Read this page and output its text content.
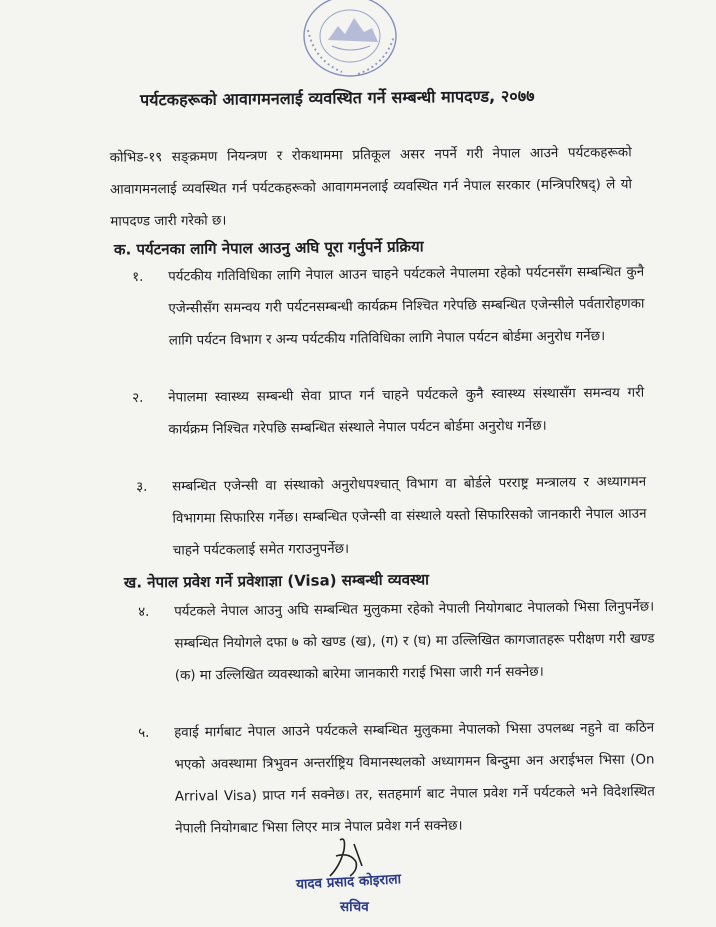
पर्यटकहरूको आवागमनलाई व्यवस्थित गर्ने सम्बन्धी मापदण्ड, २०७७
कोभिड-१९ सङ्क्रमण नियन्त्रण र रोकथाममा प्रतिकूल असर नपर्ने गरी नेपाल आउने पर्यटकहरूको आवागमनलाई व्यवस्थित गर्न पर्यटकहरूको आवागमनलाई व्यवस्थित गर्न नेपाल सरकार (मन्त्रिपरिषद्) ले यो मापदण्ड जारी गरेको छ।
क. पर्यटनका लागि नेपाल आउनु अघि पूरा गर्नुपर्ने प्रक्रिया
१.	पर्यटकीय गतिविधिका लागि नेपाल आउन चाहने पर्यटकले नेपालमा रहेको पर्यटनसँग सम्बन्धित कुनै एजेन्सीसँग समन्वय गरी पर्यटनसम्बन्धी कार्यक्रम निश्चित गरेपछि सम्बन्धित एजेन्सीले पर्वतारोहणका लागि पर्यटन विभाग र अन्य पर्यटकीय गतिविधिका लागि नेपाल पर्यटन बोर्डमा अनुरोध गर्नेछ।
२.	नेपालमा स्वास्थ्य सम्बन्धी सेवा प्राप्त गर्न चाहने पर्यटकले कुनै स्वास्थ्य संस्थासँग समन्वय गरी कार्यक्रम निश्चित गरेपछि सम्बन्धित संस्थाले नेपाल पर्यटन बोर्डमा अनुरोध गर्नेछ।
३.	सम्बन्धित एजेन्सी वा संस्थाको अनुरोधपश्चात् विभाग वा बोर्डले परराष्ट्र मन्त्रालय र अध्यागमन विभागमा सिफारिस गर्नेछ। सम्बन्धित एजेन्सी वा संस्थाले यस्तो सिफारिसको जानकारी नेपाल आउन चाहने पर्यटकलाई समेत गराउनुपर्नेछ।
ख. नेपाल प्रवेश गर्ने प्रवेशाज्ञा (Visa) सम्बन्धी व्यवस्था
४.	पर्यटकले नेपाल आउनु अघि सम्बन्धित मुलुकमा रहेको नेपाली नियोगबाट नेपालको भिसा लिनुपर्नेछ। सम्बन्धित नियोगले दफा ७ को खण्ड (ख), (ग) र (घ) मा उल्लिखित कागजातहरू परीक्षण गरी खण्ड (क) मा उल्लिखित व्यवस्थाको बारेमा जानकारी गराई भिसा जारी गर्न सक्नेछ।
५.	हवाई मार्गबाट नेपाल आउने पर्यटकले सम्बन्धित मुलुकमा नेपालको भिसा उपलब्ध नहुने वा कठिन भएको अवस्थामा त्रिभुवन अन्तर्राष्ट्रिय विमानस्थलको अध्यागमन बिन्दुमा अन अराईभल भिसा (On Arrival Visa) प्राप्त गर्न सक्नेछ। तर, सतहमार्ग बाट नेपाल प्रवेश गर्ने पर्यटकले भने विदेशस्थित नेपाली नियोगबाट भिसा लिएर मात्र नेपाल प्रवेश गर्न सक्नेछ।
यादव प्रसाद कोइराला
सचिव
